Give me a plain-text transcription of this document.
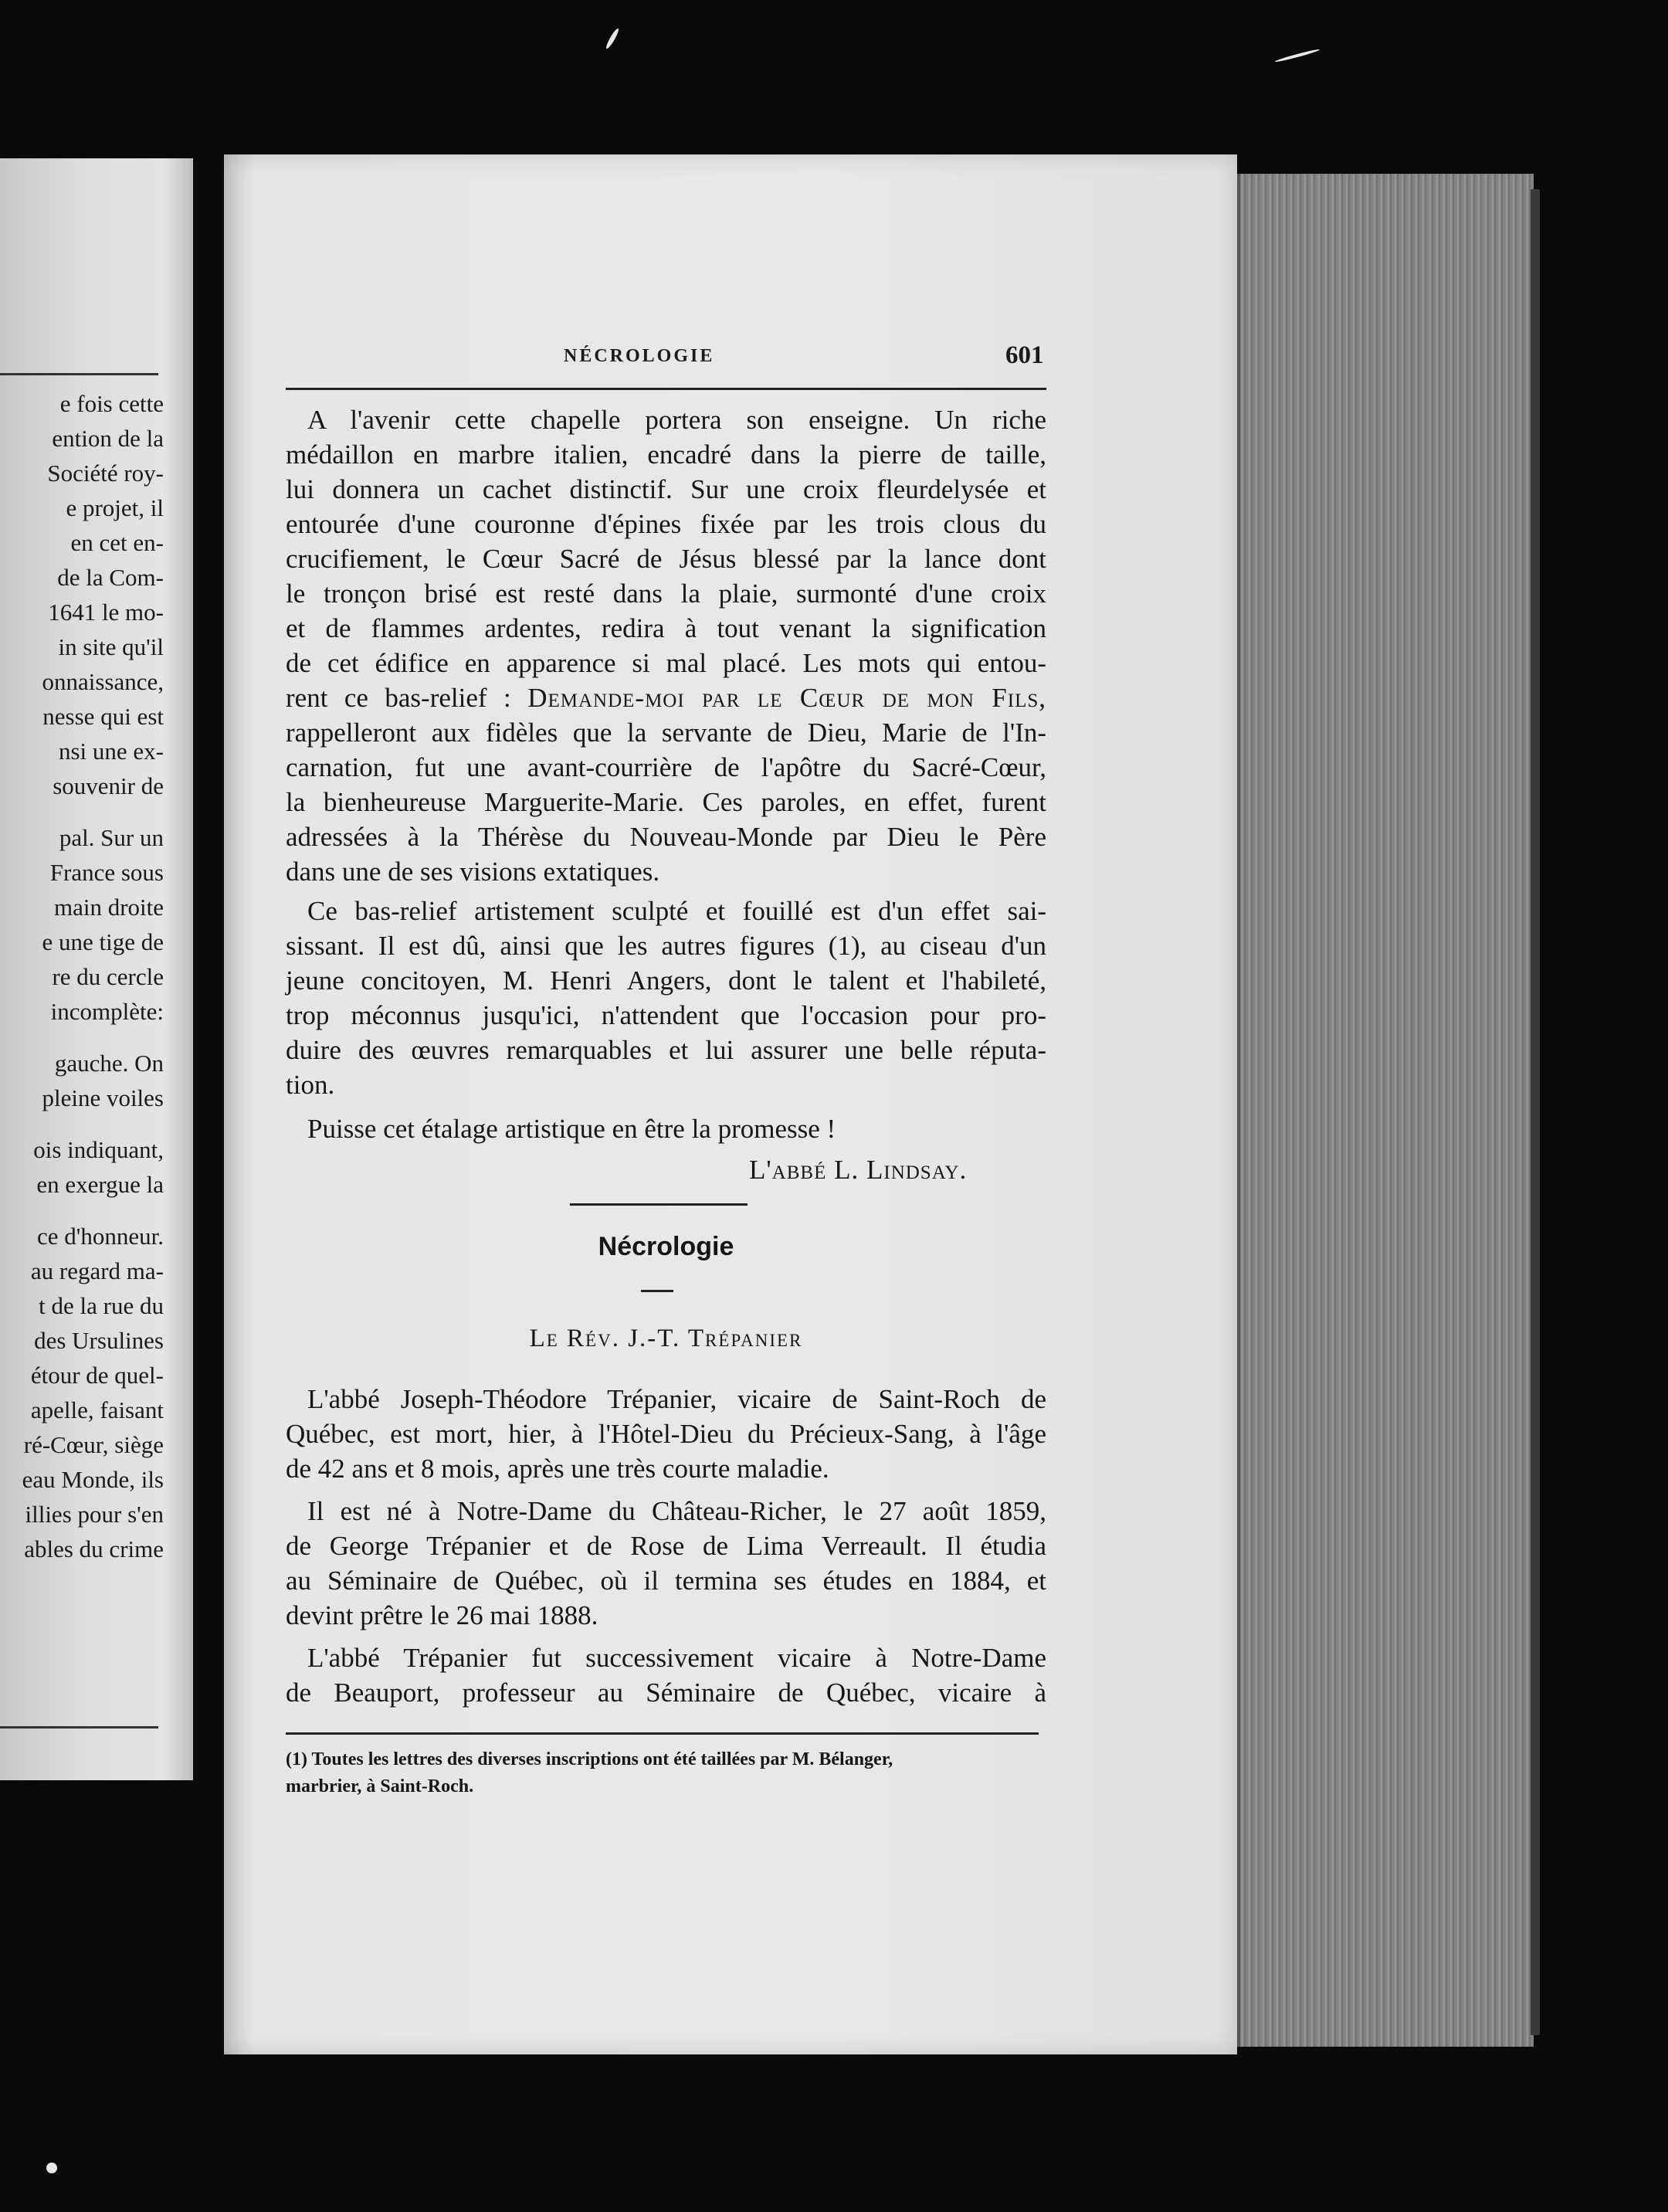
e fois cette
ention de la
Société roy-
e projet, il
en cet en-
de la Com-
1641 le mo-
in site qu'il
onnaissance,
nesse qui est
nsi une ex-
souvenir de
pal. Sur un
France sous
main droite
e une tige de
re du cercle
incomplète:
gauche. On
pleine voiles
ois indiquant,
en exergue la
ce d'honneur.
au regard ma-
t de la rue du
des Ursulines
étour de quel-
apelle, faisant
ré-Cœur, siège
eau Monde, ils
illies pour s'en
ables du crime
NÉCROLOGIE	601
A l'avenir cette chapelle portera son enseigne. Un riche
médaillon en marbre italien, encadré dans la pierre de taille,
lui donnera un cachet distinctif. Sur une croix fleurdelysée et
entourée d'une couronne d'épines fixée par les trois clous du
crucifiement, le Cœur Sacré de Jésus blessé par la lance dont
le tronçon brisé est resté dans la plaie, surmonté d'une croix
et de flammes ardentes, redira à tout venant la signification
de cet édifice en apparence si mal placé. Les mots qui entou-
rent ce bas-relief : Demande-moi par le Cœur de mon Fils,
rappelleront aux fidèles que la servante de Dieu, Marie de l'In-
carnation, fut une avant-courrière de l'apôtre du Sacré-Cœur,
la bienheureuse Marguerite-Marie. Ces paroles, en effet, furent
adressées à la Thérèse du Nouveau-Monde par Dieu le Père
dans une de ses visions extatiques.
Ce bas-relief artistement sculpté et fouillé est d'un effet sai-
sissant. Il est dû, ainsi que les autres figures (1), au ciseau d'un
jeune concitoyen, M. Henri Angers, dont le talent et l'habileté,
trop méconnus jusqu'ici, n'attendent que l'occasion pour pro-
duire des œuvres remarquables et lui assurer une belle réputa-
tion.
Puisse cet étalage artistique en être la promesse !
L'abbé L. Lindsay.
Nécrologie
Le Rév. J.-T. Trépanier
L'abbé Joseph-Théodore Trépanier, vicaire de Saint-Roch de
Québec, est mort, hier, à l'Hôtel-Dieu du Précieux-Sang, à l'âge
de 42 ans et 8 mois, après une très courte maladie.
Il est né à Notre-Dame du Château-Richer, le 27 août 1859,
de George Trépanier et de Rose de Lima Verreault. Il étudia
au Séminaire de Québec, où il termina ses études en 1884, et
devint prêtre le 26 mai 1888.
L'abbé Trépanier fut successivement vicaire à Notre-Dame
de Beauport, professeur au Séminaire de Québec, vicaire à
(1) Toutes les lettres des diverses inscriptions ont été taillées par M. Bélanger,
marbrier, à Saint-Roch.
